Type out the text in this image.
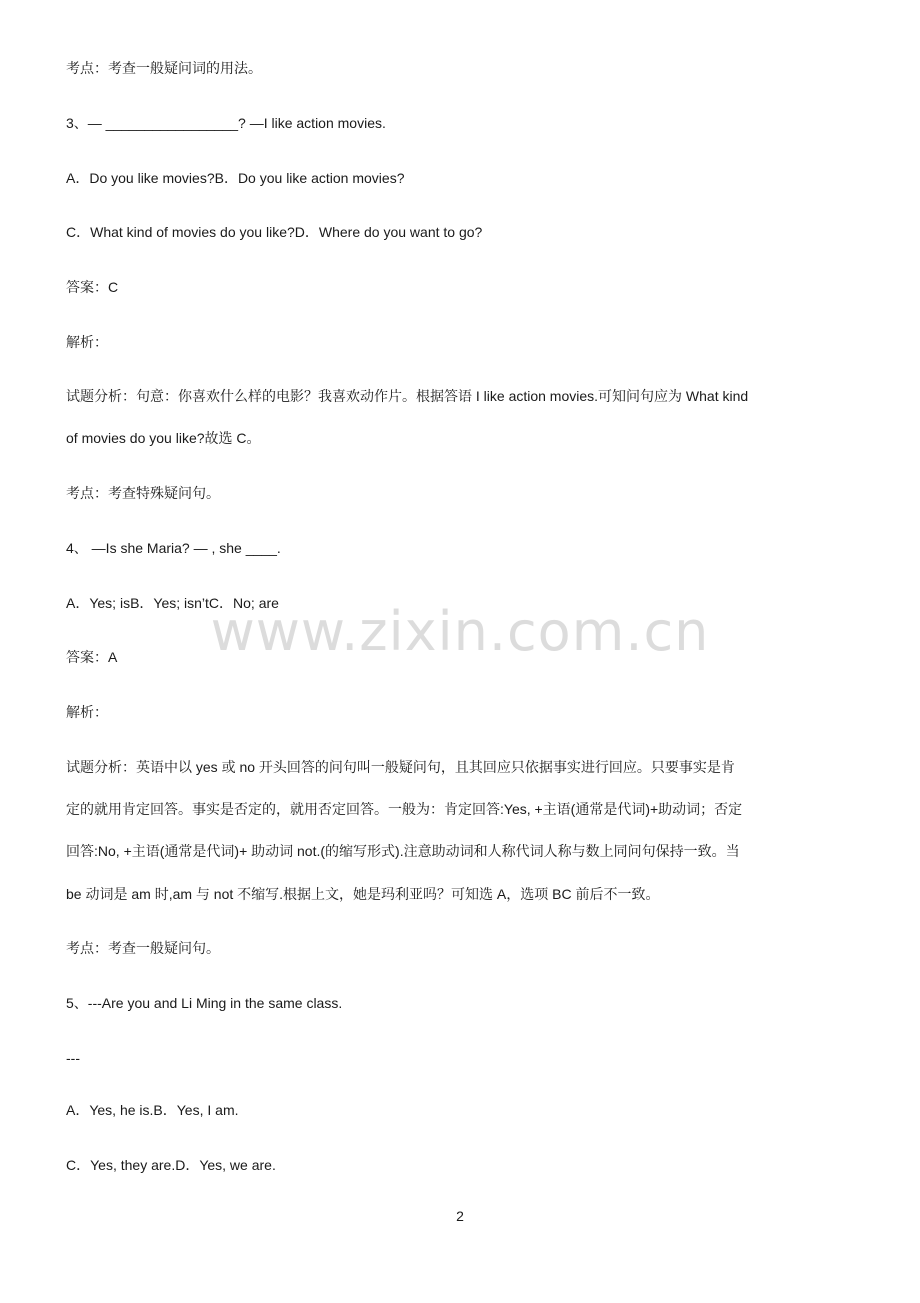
考点：考查一般疑问词的用法。
3、— _________________? —I like action movies.
A．Do you like movies?B．Do you like action movies?
C．What kind of movies do you like?D．Where do you want to go?
答案：C
解析：
试题分析：句意：你喜欢什么样的电影？我喜欢动作片。根据答语 I like action movies.可知问句应为 What kind
of movies do you like?故选 C。
考点：考查特殊疑问句。
4、 —Is she Maria? — , she ____.
A．Yes; isB．Yes; isn’tC．No; are
答案：A
解析：
试题分析：英语中以 yes 或 no 开头回答的问句叫一般疑问句，且其回应只依据事实进行回应。只要事实是肯
定的就用肯定回答。事实是否定的，就用否定回答。一般为：肯定回答:Yes, +主语(通常是代词)+助动词；否定
回答:No, +主语(通常是代词)+ 助动词 not.(的缩写形式).注意助动词和人称代词人称与数上同问句保持一致。当
be 动词是 am 时,am 与 not 不缩写.根据上文，她是玛利亚吗？可知选 A，选项 BC 前后不一致。
考点：考查一般疑问句。
5、---Are you and Li Ming in the same class.
---
A．Yes, he is.B．Yes, I am.
C．Yes, they are.D．Yes, we are.
www.zixin.com.cn
2
